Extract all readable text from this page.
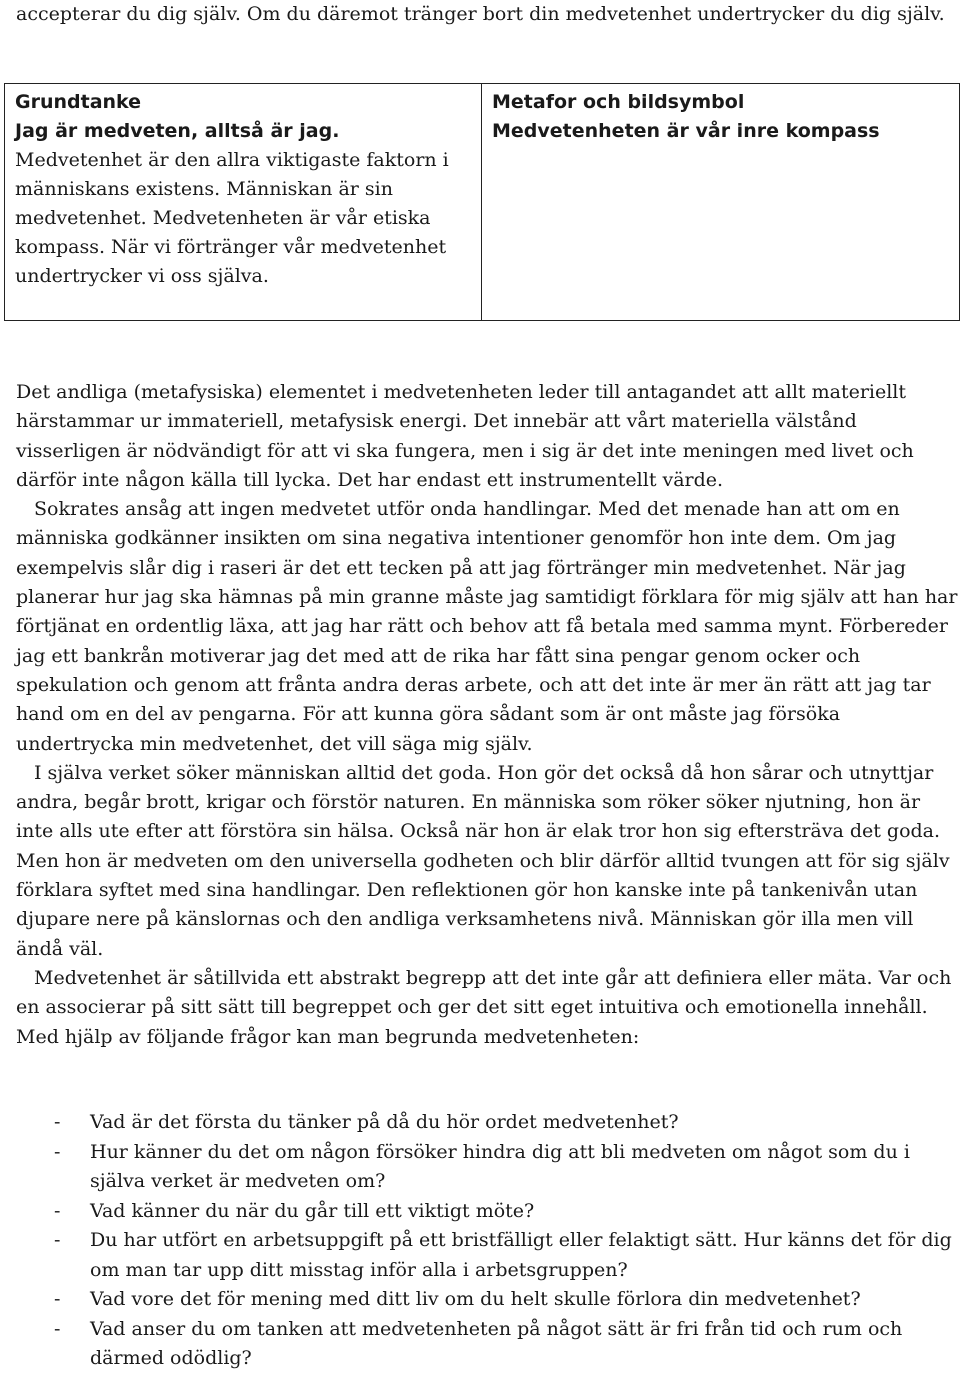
accepterar du dig själv. Om du däremot tränger bort din medvetenhet undertrycker du dig själv.

Grundtanke
Jag är medveten, alltså är jag.
Medvetenhet är den allra viktigaste faktorn i människans existens. Människan är sin medvetenhet. Medvetenheten är vår etiska kompass. När vi förtränger vår medvetenhet undertrycker vi oss själva.

Metafor och bildsymbol
Medvetenheten är vår inre kompass

Det andliga (metafysiska) elementet i medvetenheten leder till antagandet att allt materiellt härstammar ur immateriell, metafysisk energi. Det innebär att vårt materiella välstånd visserligen är nödvändigt för att vi ska fungera, men i sig är det inte meningen med livet och därför inte någon källa till lycka. Det har endast ett instrumentellt värde.

Sokrates ansåg att ingen medvetet utför onda handlingar. Med det menade han att om en människa godkänner insikten om sina negativa intentioner genomför hon inte dem. Om jag exempelvis slår dig i raseri är det ett tecken på att jag förtränger min medvetenhet. När jag planerar hur jag ska hämnas på min granne måste jag samtidigt förklara för mig själv att han har förtjänat en ordentlig läxa, att jag har rätt och behov att få betala med samma mynt. Förbereder jag ett bankrån motiverar jag det med att de rika har fått sina pengar genom ocker och spekulation och genom att frånta andra deras arbete, och att det inte är mer än rätt att jag tar hand om en del av pengarna. För att kunna göra sådant som är ont måste jag försöka undertrycka min medvetenhet, det vill säga mig själv.

I själva verket söker människan alltid det goda. Hon gör det också då hon sårar och utnyttjar andra, begår brott, krigar och förstör naturen. En människa som röker söker njutning, hon är inte alls ute efter att förstöra sin hälsa. Också när hon är elak tror hon sig eftersträva det goda. Men hon är medveten om den universella godheten och blir därför alltid tvungen att för sig själv förklara syftet med sina handlingar. Den reflektionen gör hon kanske inte på tankenivån utan djupare nere på känslornas och den andliga verksamhetens nivå. Människan gör illa men vill ändå väl.

Medvetenhet är såtillvida ett abstrakt begrepp att det inte går att definiera eller mäta. Var och en associerar på sitt sätt till begreppet och ger det sitt eget intuitiva och emotionella innehåll. Med hjälp av följande frågor kan man begrunda medvetenheten:

- Vad är det första du tänker på då du hör ordet medvetenhet?
- Hur känner du det om någon försöker hindra dig att bli medveten om något som du i själva verket är medveten om?
- Vad känner du när du går till ett viktigt möte?
- Du har utfört en arbetsuppgift på ett bristfälligt eller felaktigt sätt. Hur känns det för dig om man tar upp ditt misstag inför alla i arbetsgruppen?
- Vad vore det för mening med ditt liv om du helt skulle förlora din medvetenhet?
- Vad anser du om tanken att medvetenheten på något sätt är fri från tid och rum och därmed odödlig?
